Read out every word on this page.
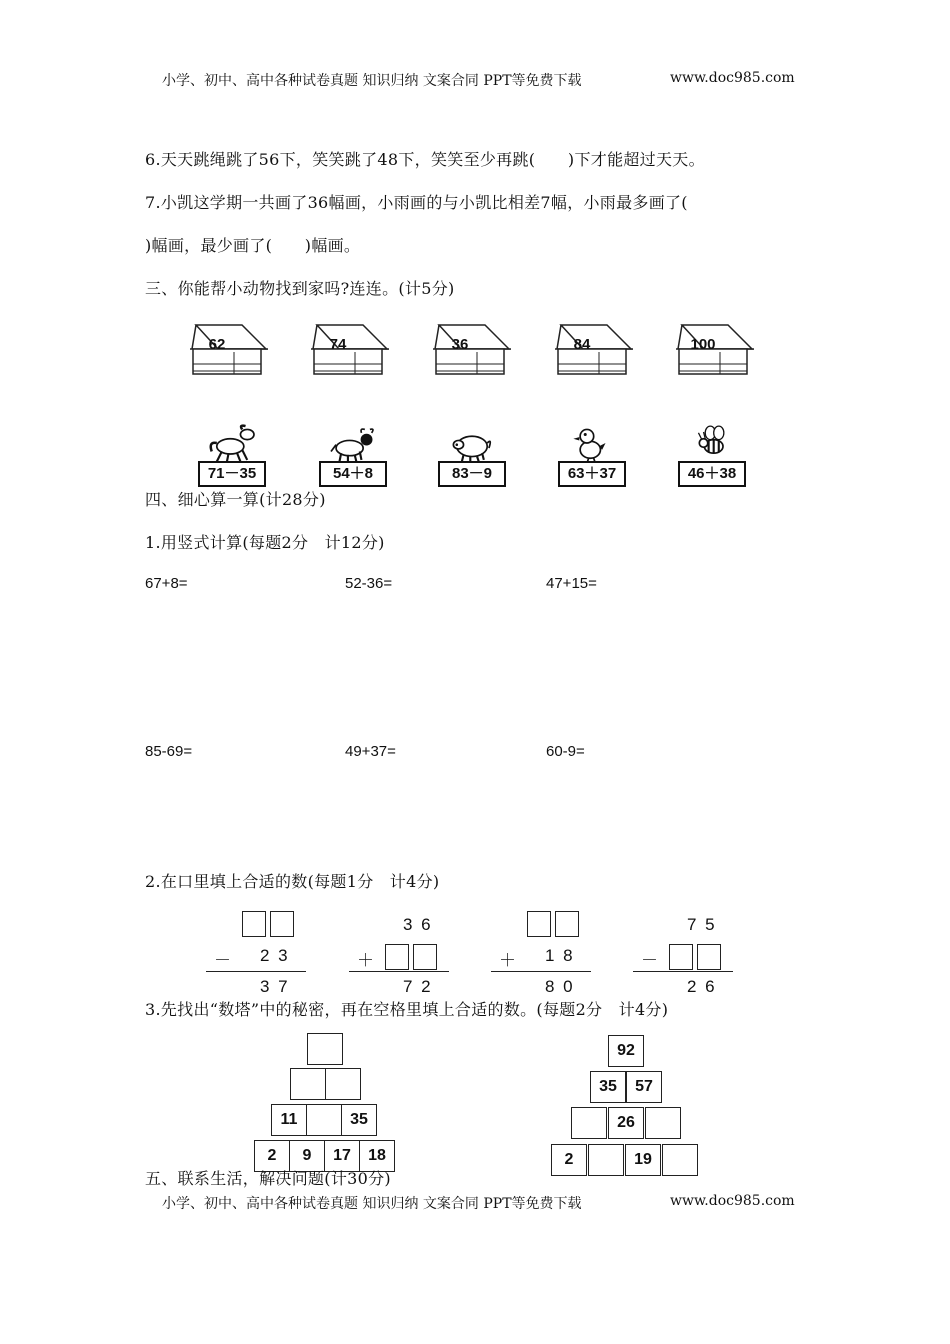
小学、初中、高中各种试卷真题 知识归纳 文案合同 PPT等免费下载	www.doc985.com
6.天天跳绳跳了56下，笑笑跳了48下，笑笑至少再跳(　　)下才能超过天天。
7.小凯这学期一共画了36幅画，小雨画的与小凯比相差7幅，小雨最多画了(
)幅画，最少画了(　　)幅画。
三、你能帮小动物找到家吗?连连。(计5分)
62	74	36	84	100
71－35	54＋8	83－9	63＋37	46＋38
四、细心算一算(计28分)
1.用竖式计算(每题2分　计12分)
67+8=	52-36=	47+15=
85-69=	49+37=	60-9=
2.在口里填上合适的数(每题1分　计4分)
－ 2 3
3 7
3 6
＋
7 2
＋ 1 8
8 0
7 5
－
2 6
3.先找出“数塔”中的秘密，再在空格里填上合适的数。(每题2分　计4分)
11	35
2	9	17	18
92
35	57
26
2	19
五、联系生活，解决问题(计30分)
小学、初中、高中各种试卷真题 知识归纳 文案合同 PPT等免费下载	www.doc985.com
